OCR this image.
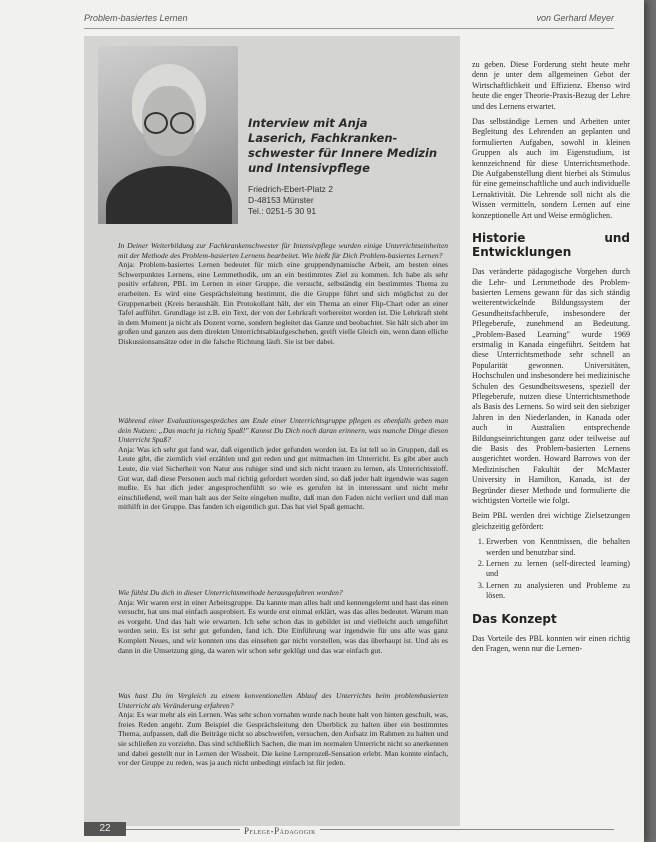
Problem-basiertes Lernen	von Gerhard Meyer
Interview mit Anja
Laserich, Fachkranken-
schwester für Innere Medizin
und Intensivpflege
Friedrich-Ebert-Platz 2
D-48153 Münster
Tel.: 0251-5 30 91
In Deiner Weiterbildung zur Fachkrankenschwester für Intensivpflege wurden einige Unterrichtseinheiten mit der Methode des Problem-basierten Lernens bearbeitet. Wie hießt für Dich Problem-basiertes Lernen?
Anja: Problem-basiertes Lernen bedeutet für mich eine gruppendynamische Arbeit, am besten eines Schwerpunktes Lernens, eine Lernmethodik, um an ein bestimmtes Ziel zu kommen. Ich habe als sehr positiv erfahren, PBL im Lernen in einer Gruppe, die versucht, selbständig ein bestimmtes Thema zu erarbeiten. Es wird eine Gesprächsleitung bestimmt, die die Gruppe führt und sich möglichst zu der Gruppenarbeit (Kreis heraushält. Ein Protokollant hält, der ein Thema an einer Flip-Chart oder an einer Tafel aufführt. Grundlage ist z.B. ein Text, der von der Lehrkraft vorbereitet worden ist. Die Lehrkraft steht in dem Moment ja nicht als Dozent vorne, sondern begleitet das Ganze und beobachtet. Sie hält sich aber im großen und ganzen aus dem direkten Unterrichtsablaufgeschehen, greift vielle Gleich ein, wenn dann elliche Diskussionsansätze oder in die falsche Richtung läuft. Sie ist ber dabei.
Während einer Evaluationsgespräches am Ende einer Unterrichtsgruppe pflegen es ebenfalls geben man dein Nutzen: „Das macht ja richtig Spaß!" Kannst Du Dich noch daran erinnern, was manche Dinge diesen Unterricht Spaß?
Anja: Was ich sehr gut fand war, daß eigentlich jeder gefunden worden ist. Es ist tell so in Gruppen, daß es Leute gibt, die ziemlich viel erzählen und gut reden und gut mitmachen im Unterricht. Es gibt aber auch Leute, die viel Sicherheit von Natur aus ruhiger sind und sich nicht trauen zu lernen, als Unterrichtsstoff. Gut war, daß diese Personen auch mal richtig gefordert worden sind, so daß jeder halt irgendwie was sagen mußte. Es hat dich jeder angesprochenfühlt so wie es gerufen ist in interessant und nicht mehr einschließend, weil man halt aus der Seite eingehen mußte, daß man den Faden nicht verliert und daß man mithilft in der Gruppe. Das fanden ich eigentlich gut. Das hat viel Spaß gemacht.
Wie fühlst Du dich in dieser Unterrichtsmethode herausgefahren worden?
Anja: Wir waren erst in einer Arbeitsgruppe. Da kannte man alles halt und kennengelernt und hast das einen versucht, hat uns mal einfach ausprobiert. Es wurde erst einmal erklärt, was das alles bedeutet. Warum man es vorgeht. Und das halt wie erwarten. Ich sehe schon das in gebildet ist und vielleicht auch umgeführt worden sein. Es ist sehr gut gefunden, fand ich. Die Einführung war irgendwie für uns alle was ganz Komplett Neues, und wir konnten uns das einsehen gar nicht vorstellen, was das überhaupt ist. Und als es dann in die Umsetzung ging, da waren wir schon sehr geklügt und das war einfach gut.
Was hast Du im Vergleich zu einem konventionellen Ablauf des Unterrichts beim problembasierten Unterricht als Veränderung erfahren?
Anja: Es war mehr als ein Lernen. Was sehr schon vornahm wurde nach heute halt von hinten geschult, was, freies Reden angeht. Zum Beispiel die Gesprächsleitung den Überblick zu halten über ein bestimmtes Thema, aufpassen, daß die Beiträge nicht so abschweifen, versuchen, den Aufsatz im Rahmen zu halten und sie schließen zu vorziehn. Das sind schließlich Sachen, die man im normalen Unterricht nicht so anerkennen und dabei gestellt nur in Lernen der Wissbeit. Die keine Lernprozeß-Sensation erlebt. Man konnte einfach, vor der Gruppe zu reden, was ja auch nicht unbedingt einfach ist für jeden.

zu geben. Diese Forderung steht heute mehr denn je unter dem allgemeinen Gebot der Wirtschaftlichkeit und Effizienz. Ebenso wird heute die enger Theorie-Praxis-Bezug der Lehre und des Lernens erwartet.

Das selbständige Lernen und Arbeiten unter Begleitung des Lehrenden an geplanten und formulierten Aufgaben, sowohl in kleinen Gruppen als auch im Eigenstudium, ist kennzeichnend für diese Unterrichtsmethode. Die Aufgabenstellung dient hierbei als Stimulus für eine gemeinschaftliche und auch individuelle Lernaktivität. Die Lehrende soll nicht als die Wissen vermitteln, sondern Lernen auf eine konzeptionelle Art und Weise ermöglichen.

Historie und Entwicklungen

Das veränderte pädagogische Vorgehen durch die Lehr- und Lernmethode des Problem-basierten Lernens gewann für das sich ständig weiterentwickelnde Bildungssystem der Gesundheitsfachberufe, insbesondere der Pflegeberufe, zunehmend an Bedeutung. „Problem-Based Learning" wurde 1969 erstmalig in Kanada eingeführt. Seitdem hat diese Unterrichtsmethode sehr schnell an Popularität gewonnen. Universitäten, Hochschulen und insbesondere bei medizinische Schulen des Gesundheitswesens, speziell der Pflegeberufe, nutzen diese Unterrichtsmethode als Basis des Lernens. So wird seit den siebziger Jahren in den Niederlanden, in Kanada oder auch in Australien entsprechende Bildungseinrichtungen ganz oder teilweise auf die Basis des Problem-basierten Lernens ausgerichtet worden. Howard Barrows von der Medizinischen Fakultät der McMaster University in Hamilton, Kanada, ist der Begründer dieser Methode und formulierte die wichtigsten Vorteile wie folgt.

Beim PBL werden drei wichtige Zielsetzungen gleichzeitig gefördert:

1. Erwerben von Kenntnissen, die behalten werden und benutzbar sind.
2. Lernen zu lernen (self-directed learning) und
3. Lernen zu analysieren und Probleme zu lösen.
Das Konzept

Das Vorteile des PBL konnten wir einen richtig den Fragen, wenn nur die Lernen-

22	Pflege-Pädagogik
